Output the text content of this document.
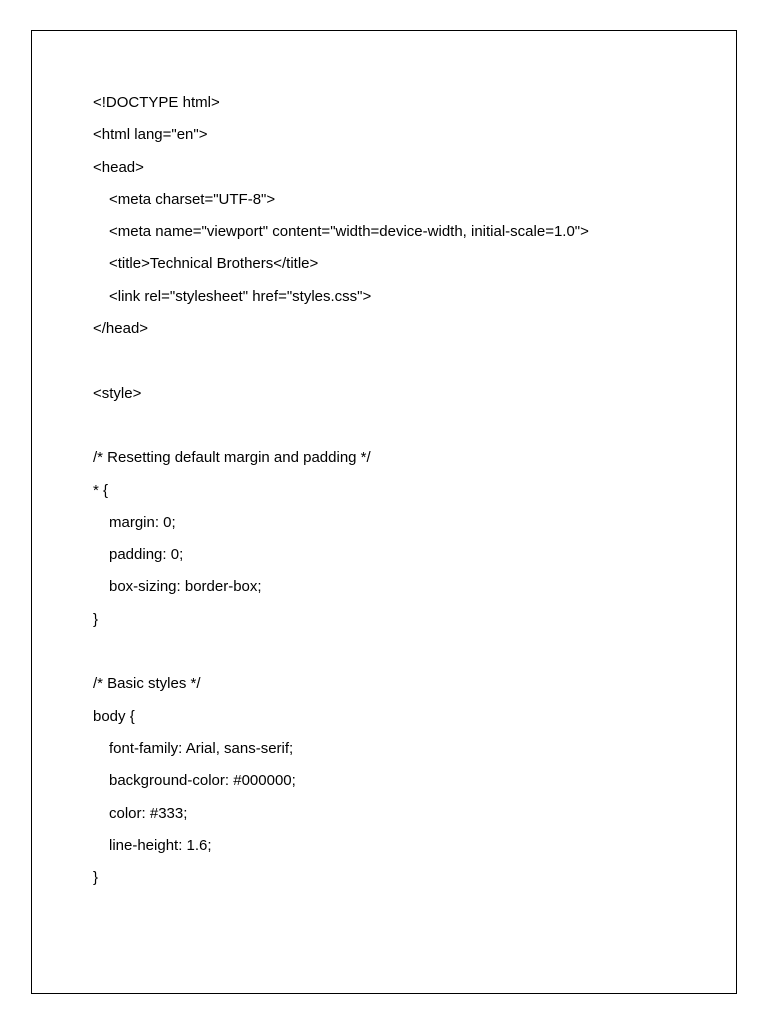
<!DOCTYPE html>
<html lang="en">
<head>
<meta charset="UTF-8">
<meta name="viewport" content="width=device-width, initial-scale=1.0">
<title>Technical Brothers</title>
<link rel="stylesheet" href="styles.css">
</head>
<style>
/* Resetting default margin and padding */
* {
margin: 0;
padding: 0;
box-sizing: border-box;
}
/* Basic styles */
body {
font-family: Arial, sans-serif;
background-color: #000000;
color: #333;
line-height: 1.6;
}
